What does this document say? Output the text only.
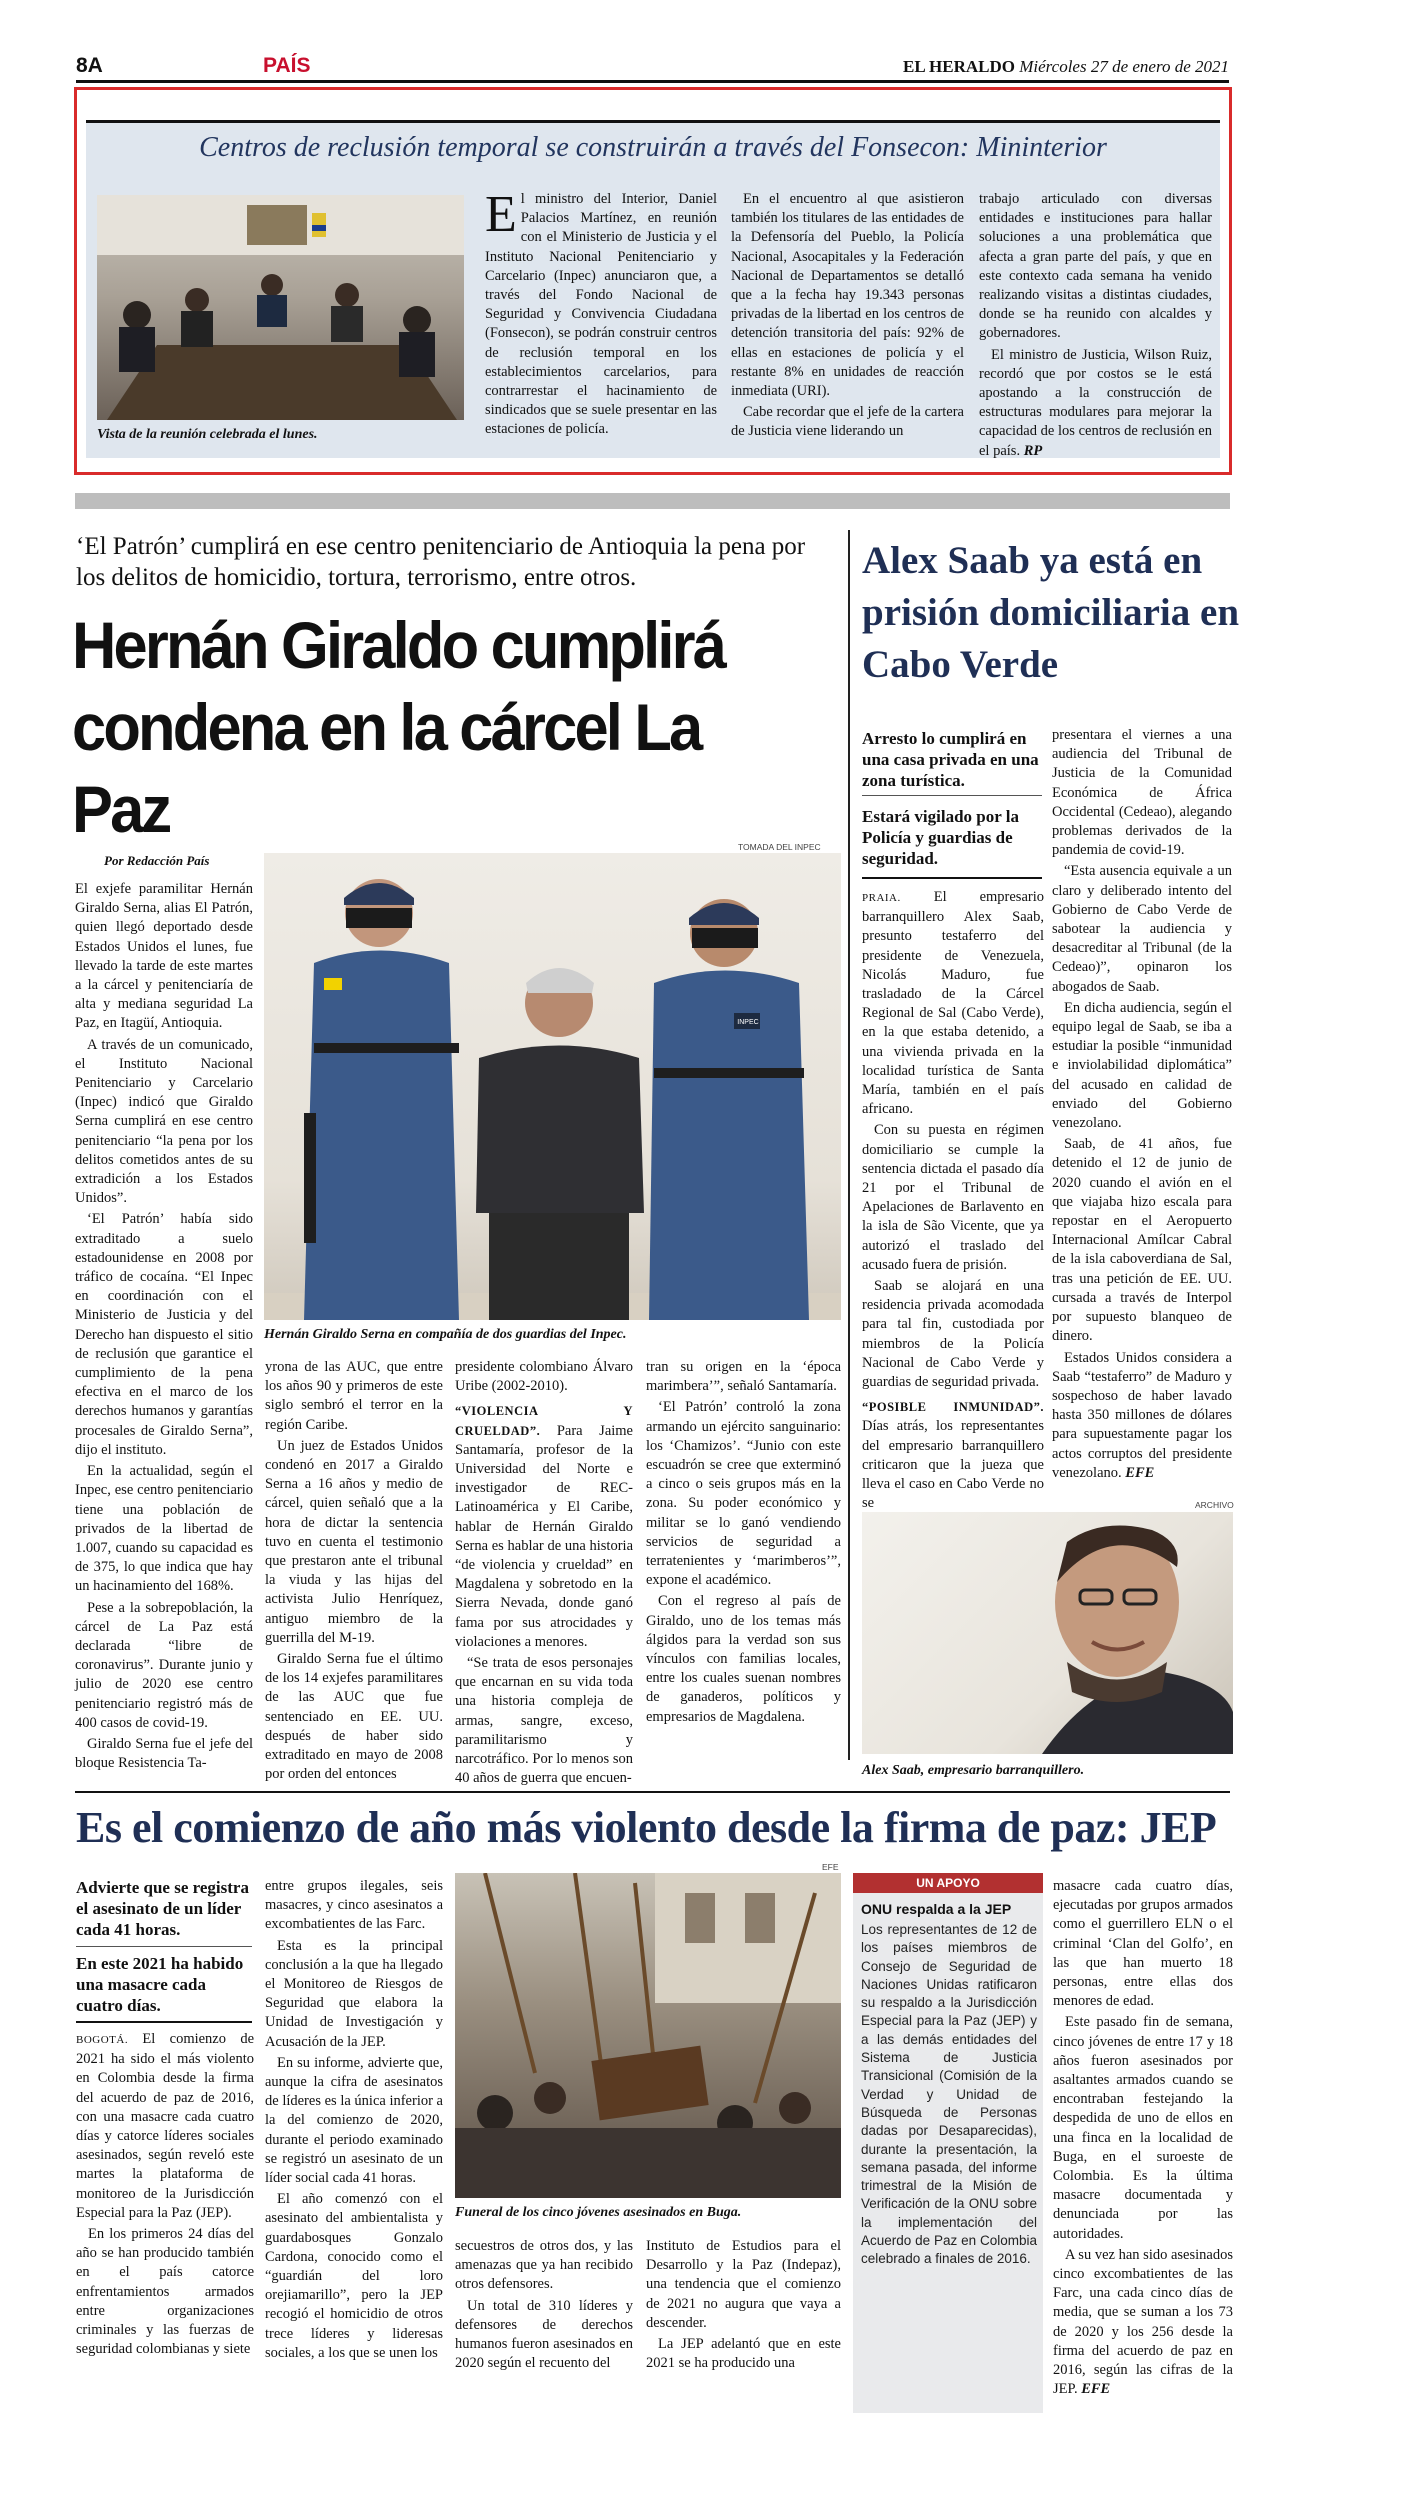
8A	PAÍS	EL HERALDO Miércoles 27 de enero de 2021
Centros de reclusión temporal se construirán a través del Fonsecon: Mininterior
Vista de la reunión celebrada el lunes.
E l ministro del Interior, Daniel Palacios Martínez, en reunión con el Ministerio de Justicia y el Instituto Nacional Penitenciario y Carcelario (Inpec) anunciaron que, a través del Fondo Nacional de Seguridad y Convivencia Ciudadana (Fonsecon), se podrán construir centros de reclusión temporal en los establecimientos carcelarios, para contrarrestar el hacinamiento de sindicados que se suele presentar en las estaciones de policía.

En el encuentro al que asistieron también los titulares de las entidades de la Defensoría del Pueblo, la Policía Nacional, Asocapitales y la Federación Nacional de Departamentos se detalló que a la fecha hay 19.343 personas privadas de la libertad en los centros de detención transitoria del país: 92% de ellas en estaciones de policía y el restante 8% en unidades de reacción inmediata (URI).

Cabe recordar que el jefe de la cartera de Justicia viene liderando un

trabajo articulado con diversas entidades e instituciones para hallar soluciones a una problemática que afecta a gran parte del país, y que en este contexto cada semana ha venido realizando visitas a distintas ciudades, donde se ha reunido con alcaldes y gobernadores.

El ministro de Justicia, Wilson Ruiz, recordó que por costos se le está apostando a la construcción de estructuras modulares para mejorar la capacidad de los centros de reclusión en el país. RP

‘El Patrón’ cumplirá en ese centro penitenciario de Antioquia la pena por los delitos de homicidio, tortura, terrorismo, entre otros.
Hernán Giraldo cumplirá condena en la cárcel La Paz
TOMADA DEL INPEC
INPEC
Hernán Giraldo Serna en compañía de dos guardias del Inpec.
Por Redacción País

El exjefe paramilitar Hernán Giraldo Serna, alias El Patrón, quien llegó deportado desde Estados Unidos el lunes, fue llevado la tarde de este martes a la cárcel y penitenciaría de alta y mediana seguridad La Paz, en Itagüí, Antioquia.

A través de un comunicado, el Instituto Nacional Penitenciario y Carcelario (Inpec) indicó que Giraldo Serna cumplirá en ese centro penitenciario “la pena por los delitos cometidos antes de su extradición a los Estados Unidos”.

‘El Patrón’ había sido extraditado a suelo estadounidense en 2008 por tráfico de cocaína. “El Inpec en coordinación con el Ministerio de Justicia y del Derecho han dispuesto el sitio de reclusión que garantice el cumplimiento de la pena efectiva en el marco de los derechos humanos y garantías procesales de Giraldo Serna”, dijo el instituto.

En la actualidad, según el Inpec, ese centro penitenciario tiene una población de privados de la libertad de 1.007, cuando su capacidad es de 375, lo que indica que hay un hacinamiento del 168%.

Pese a la sobrepoblación, la cárcel de La Paz está declarada “libre de coronavirus”. Durante junio y julio de 2020 ese centro penitenciario registró más de 400 casos de covid-19.

Giraldo Serna fue el jefe del bloque Resistencia Ta-

yrona de las AUC, que entre los años 90 y primeros de este siglo sembró el terror en la región Caribe.

Un juez de Estados Unidos condenó en 2017 a Giraldo Serna a 16 años y medio de cárcel, quien señaló que a la hora de dictar la sentencia tuvo en cuenta el testimonio que prestaron ante el tribunal la viuda y las hijas del activista Julio Henríquez, antiguo miembro de la guerrilla del M-19.

Giraldo Serna fue el último de los 14 exjefes paramilitares de las AUC que fue sentenciado en EE. UU. después de haber sido extraditado en mayo de 2008 por orden del entonces

presidente colombiano Álvaro Uribe (2002-2010).

“VIOLENCIA Y CRUELDAD”. Para Jaime Santamaría, profesor de la Universidad del Norte e investigador de REC-Latinoamérica y El Caribe, hablar de Hernán Giraldo Serna es hablar de una historia “de violencia y crueldad” en Magdalena y sobretodo en la Sierra Nevada, donde ganó fama por sus atrocidades y violaciones a menores.

“Se trata de esos personajes que encarnan en su vida toda una historia compleja de armas, sangre, exceso, paramilitarismo y narcotráfico. Por lo menos son 40 años de guerra que encuen-

tran su origen en la ‘época marimbera’”, señaló Santamaría.

‘El Patrón’ controló la zona armando un ejército sanguinario: los ‘Chamizos’. “Junio con este escuadrón se cree que exterminó a cinco o seis grupos más en la zona. Su poder económico y militar se lo ganó vendiendo servicios de seguridad a terratenientes y ‘marimberos’”, expone el académico.

Con el regreso al país de Giraldo, uno de los temas más álgidos para la verdad son sus vínculos con familias locales, entre los cuales suenan nombres de ganaderos, políticos y empresarios de Magdalena.

Alex Saab ya está en prisión domiciliaria en Cabo Verde
Arresto lo cumplirá en una casa privada en una zona turística.
Estará vigilado por la Policía y guardias de seguridad.

PRAIA. El empresario barranquillero Alex Saab, presunto testaferro del presidente de Venezuela, Nicolás Maduro, fue trasladado de la Cárcel Regional de Sal (Cabo Verde), en la que estaba detenido, a una vivienda privada en la localidad turística de Santa María, también en el país africano.

Con su puesta en régimen domiciliario se cumple la sentencia dictada el pasado día 21 por el Tribunal de Apelaciones de Barlavento en la isla de São Vicente, que ya autorizó el traslado del acusado fuera de prisión.

Saab se alojará en una residencia privada acomodada para tal fin, custodiada por miembros de la Policía Nacional de Cabo Verde y guardias de seguridad privada.

“POSIBLE INMUNIDAD”. Días atrás, los representantes del empresario barranquillero criticaron que la jueza que lleva el caso en Cabo Verde no se

presentara el viernes a una audiencia del Tribunal de Justicia de la Comunidad Económica de África Occidental (Cedeao), alegando problemas derivados de la pandemia de covid-19.

“Esta ausencia equivale a un claro y deliberado intento del Gobierno de Cabo Verde de sabotear la audiencia y desacreditar al Tribunal (de la Cedeao)”, opinaron los abogados de Saab.

En dicha audiencia, según el equipo legal de Saab, se iba a estudiar la posible “inmunidad e inviolabilidad diplomática” del acusado en calidad de enviado del Gobierno venezolano.

Saab, de 41 años, fue detenido el 12 de junio de 2020 cuando el avión en el que viajaba hizo escala para repostar en el Aeropuerto Internacional Amílcar Cabral de la isla caboverdiana de Sal, tras una petición de EE. UU. cursada a través de Interpol por supuesto blanqueo de dinero.

Estados Unidos considera a Saab “testaferro” de Maduro y sospechoso de haber lavado hasta 350 millones de dólares para supuestamente pagar los actos corruptos del presidente venezolano. EFE

ARCHIVO
Alex Saab, empresario barranquillero.
Es el comienzo de año más violento desde la firma de paz: JEP
Advierte que se registra el asesinato de un líder cada 41 horas.
En este 2021 ha habido una masacre cada cuatro días.

BOGOTÁ. El comienzo de 2021 ha sido el más violento en Colombia desde la firma del acuerdo de paz de 2016, con una masacre cada cuatro días y catorce líderes sociales asesinados, según reveló este martes la plataforma de monitoreo de la Jurisdicción Especial para la Paz (JEP).

En los primeros 24 días del año se han producido también en el país catorce enfrentamientos armados entre organizaciones criminales y las fuerzas de seguridad colombianas y siete

entre grupos ilegales, seis masacres, y cinco asesinatos a excombatientes de las Farc.

Esta es la principal conclusión a la que ha llegado el Monitoreo de Riesgos de Seguridad que elabora la Unidad de Investigación y Acusación de la JEP.

En su informe, advierte que, aunque la cifra de asesinatos de líderes es la única inferior a la del comienzo de 2020, durante el periodo examinado se registró un asesinato de un líder social cada 41 horas.

El año comenzó con el asesinato del ambientalista y guardabosques Gonzalo Cardona, conocido como el “guardián del loro orejiamarillo”, pero la JEP recogió el homicidio de otros trece líderes y lideresas sociales, a los que se unen los

EFE
Funeral de los cinco jóvenes asesinados en Buga.

secuestros de otros dos, y las amenazas que ya han recibido otros defensores.

Un total de 310 líderes y defensores de derechos humanos fueron asesinados en 2020 según el recuento del

Instituto de Estudios para el Desarrollo y la Paz (Indepaz), una tendencia que el comienzo de 2021 no augura que vaya a descender.

La JEP adelantó que en este 2021 se ha producido una

UN APOYO
ONU respalda a la JEP
Los representantes de 12 de los países miembros de Consejo de Seguridad de Naciones Unidas ratificaron su respaldo a la Jurisdicción Especial para la Paz (JEP) y a las demás entidades del Sistema de Justicia Transicional (Comisión de la Verdad y Unidad de Búsqueda de Personas dadas por Desaparecidas), durante la presentación, la semana pasada, del informe trimestral de la Misión de Verificación de la ONU sobre la implementación del Acuerdo de Paz en Colombia celebrado a finales de 2016.

masacre cada cuatro días, ejecutadas por grupos armados como el guerrillero ELN o el criminal ‘Clan del Golfo’, en las que han muerto 18 personas, entre ellas dos menores de edad.

Este pasado fin de semana, cinco jóvenes de entre 17 y 18 años fueron asesinados por asaltantes armados cuando se encontraban festejando la despedida de uno de ellos en una finca en la localidad de Buga, en el suroeste de Colombia. Es la última masacre documentada y denunciada por las autoridades.

A su vez han sido asesinados cinco excombatientes de las Farc, una cada cinco días de media, que se suman a los 73 de 2020 y los 256 desde la firma del acuerdo de paz en 2016, según las cifras de la JEP. EFE
